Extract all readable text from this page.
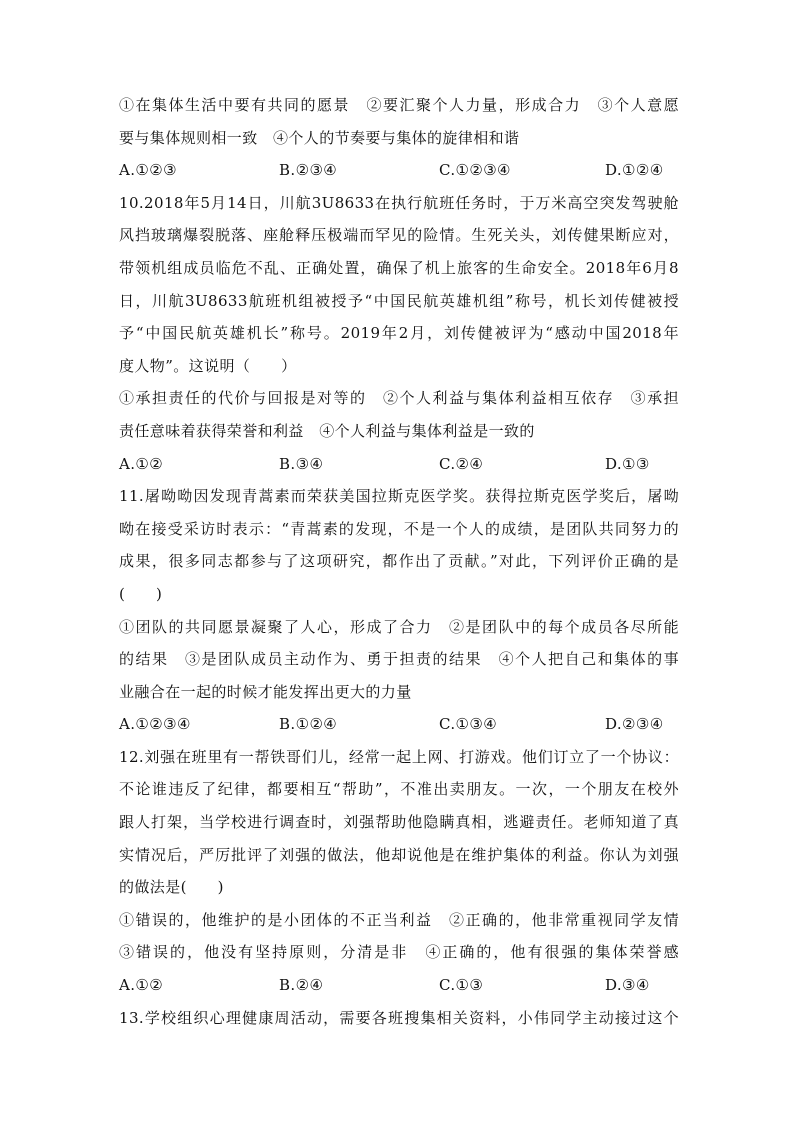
①在集体生活中要有共同的愿景　②要汇聚个人力量，形成合力　③个人意愿
要与集体规则相一致　④个人的节奏要与集体的旋律相和谐
A.①②③	B.②③④	C.①②③④	D.①②④
10.2018年5月14日，川航3U8633在执行航班任务时，于万米高空突发驾驶舱
风挡玻璃爆裂脱落、座舱释压极端而罕见的险情。生死关头，刘传健果断应对，
带领机组成员临危不乱、正确处置，确保了机上旅客的生命安全。2018年6月8
日，川航3U8633航班机组被授予“中国民航英雄机组”称号，机长刘传健被授
予“中国民航英雄机长”称号。2019年2月，刘传健被评为“感动中国2018年
度人物”。这说明（　　）
①承担责任的代价与回报是对等的　②个人利益与集体利益相互依存　③承担
责任意味着获得荣誉和利益　④个人利益与集体利益是一致的
A.①②	B.③④	C.②④	D.①③
11.屠呦呦因发现青蒿素而荣获美国拉斯克医学奖。获得拉斯克医学奖后，屠呦
呦在接受采访时表示：“青蒿素的发现，不是一个人的成绩，是团队共同努力的
成果，很多同志都参与了这项研究，都作出了贡献。”对此，下列评价正确的是
(　　)
①团队的共同愿景凝聚了人心，形成了合力　②是团队中的每个成员各尽所能
的结果　③是团队成员主动作为、勇于担责的结果　④个人把自己和集体的事
业融合在一起的时候才能发挥出更大的力量
A.①②③④	B.①②④	C.①③④	D.②③④
12.刘强在班里有一帮铁哥们儿，经常一起上网、打游戏。他们订立了一个协议：
不论谁违反了纪律，都要相互“帮助”，不准出卖朋友。一次，一个朋友在校外
跟人打架，当学校进行调查时，刘强帮助他隐瞒真相，逃避责任。老师知道了真
实情况后，严厉批评了刘强的做法，他却说他是在维护集体的利益。你认为刘强
的做法是(　　)
①错误的，他维护的是小团体的不正当利益　②正确的，他非常重视同学友情
③错误的，他没有坚持原则，分清是非　④正确的，他有很强的集体荣誉感
A.①②	B.②④	C.①③	D.③④
13.学校组织心理健康周活动，需要各班搜集相关资料，小伟同学主动接过这个
